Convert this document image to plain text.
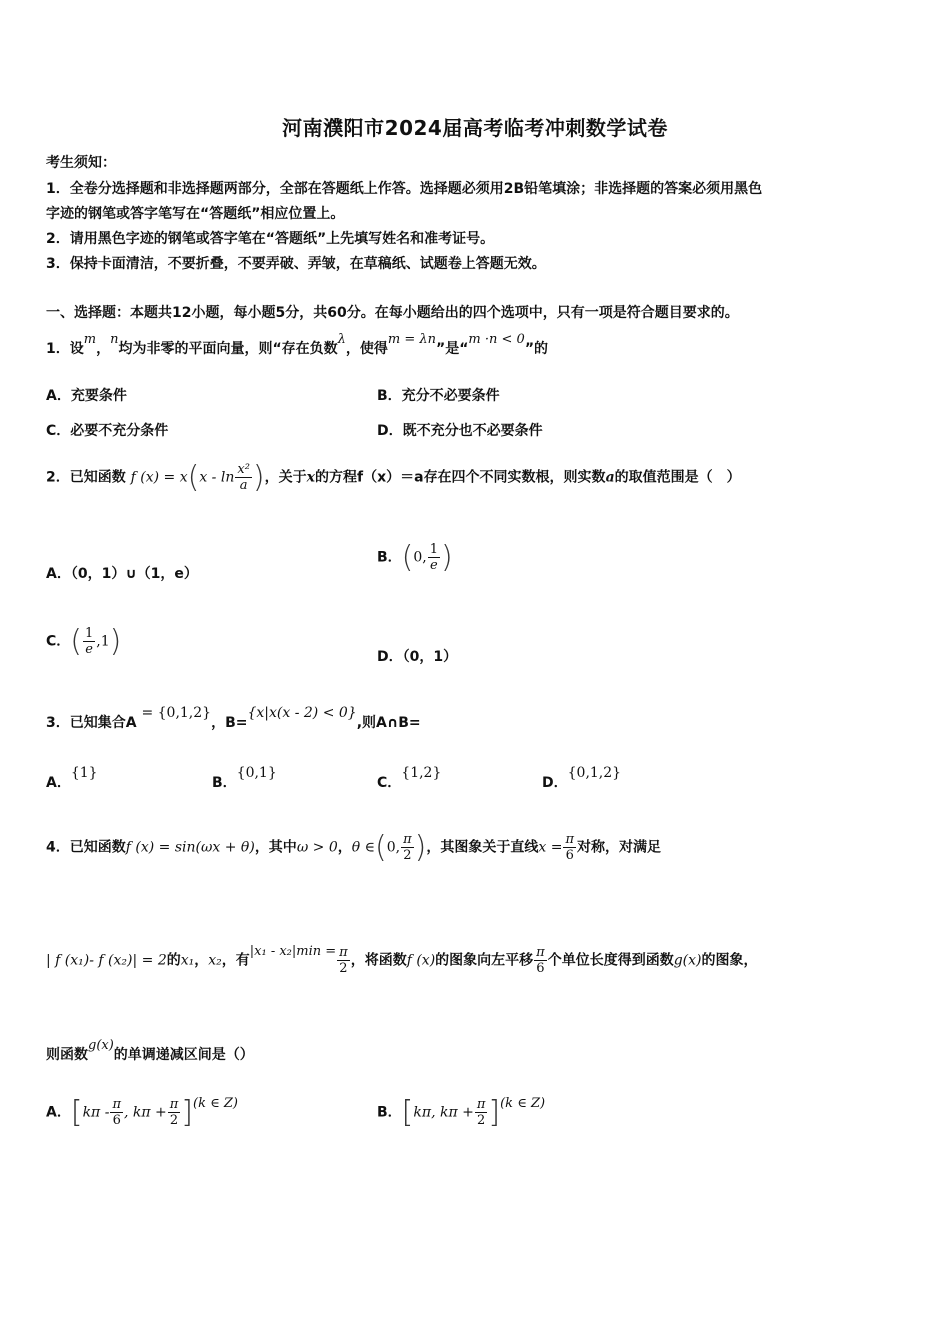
河南濮阳市2024届高考临考冲刺数学试卷
考生须知：
1．全卷分选择题和非选择题两部分，全部在答题纸上作答。选择题必须用2B铅笔填涂；非选择题的答案必须用黑色
字迹的钢笔或答字笔写在“答题纸”相应位置上。
2．请用黑色字迹的钢笔或答字笔在“答题纸”上先填写姓名和准考证号。
3．保持卡面清洁，不要折叠，不要弄破、弄皱，在草稿纸、试题卷上答题无效。
一、选择题：本题共12小题，每小题5分，共60分。在每小题给出的四个选项中，只有一项是符合题目要求的。
1．设m，n均为非零的平面向量，则“存在负数λ，使得m = λn”是“m ·n < 0”的
A．充要条件	B．充分不必要条件
C．必要不充分条件	D．既不充分也不必要条件
2．已知函数 f $(x) = x(x - \ln \frac{\text{x²}}{a}$ )，关于x的方程f（x）＝a存在四个不同实数根，则实数a的取值范围是（　）
A．（0，1）∪（1，e）
B．(0, $\frac{1}{e}$ )
C．( $\frac{1}{e} ,1$)	D．（0，1）
3．已知集合A = {0,1,2}，B={x|x(x - 2) < 0},则A∩B=
A．{1}
B．{0,1}
C．{1,2}
D．{0,1,2}
4．已知函数f (x) = sin(ωx + θ)，其中ω > 0，θ ∈(0, $\frac{\pi}{2}$ )，其图象关于直线$x = \frac{\pi}{6}$ 对称，对满足
| f (x₁)- f (x₂)| = 2的x₁，x₂，有$|x_1 - x_2|\min = \frac{\pi}{2}$ ，将函数f (x)的图象向左平移 $\frac{\pi}{6}$ 个单位长度得到函数g(x)的图象，
则函数g(x)的单调递减区间是（）
A．[$k\pi - \frac{\pi}{6}$ , $k\pi + \frac{\pi}{2} ](k$ ∈ Z)
B．[kπ, $k\pi + \frac{\pi}{2} ](k$ ∈ Z)
